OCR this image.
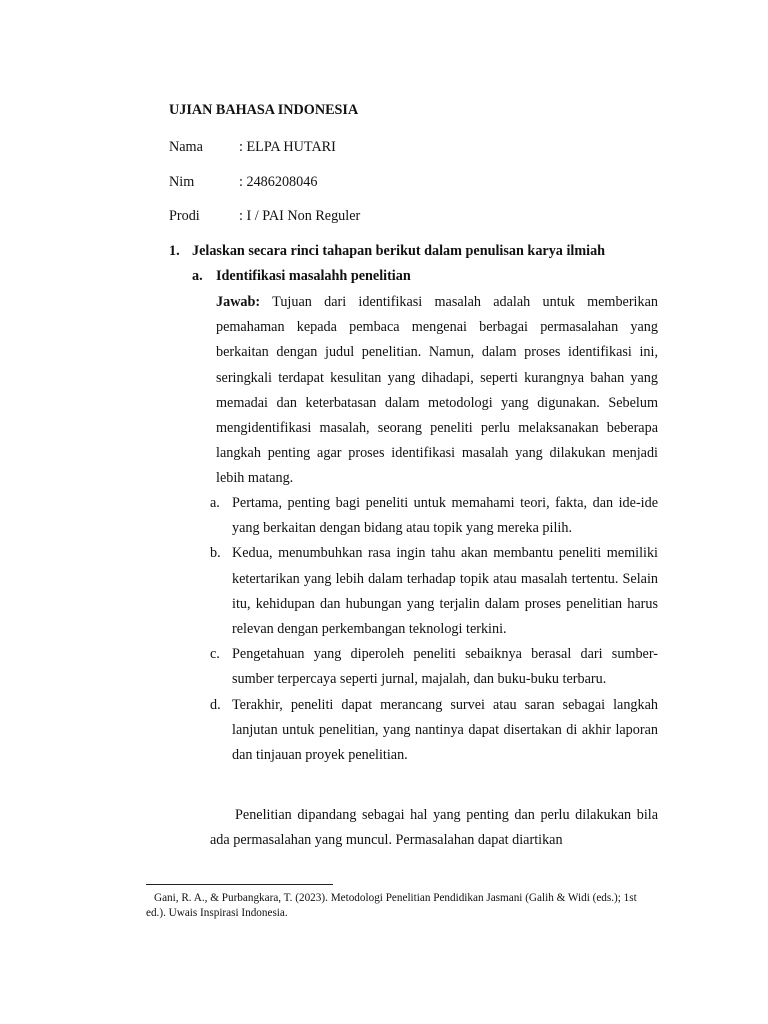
UJIAN BAHASA INDONESIA
Nama	: ELPA HUTARI
Nim	: 2486208046
Prodi	: I / PAI Non Reguler
1. Jelaskan secara rinci tahapan berikut dalam penulisan karya ilmiah
a. Identifikasi masalahh penelitian
Jawab: Tujuan dari identifikasi masalah adalah untuk memberikan pemahaman kepada pembaca mengenai berbagai permasalahan yang berkaitan dengan judul penelitian. Namun, dalam proses identifikasi ini, seringkali terdapat kesulitan yang dihadapi, seperti kurangnya bahan yang memadai dan keterbatasan dalam metodologi yang digunakan. Sebelum mengidentifikasi masalah, seorang peneliti perlu melaksanakan beberapa langkah penting agar proses identifikasi masalah yang dilakukan menjadi lebih matang.
a. Pertama, penting bagi peneliti untuk memahami teori, fakta, dan ide-ide yang berkaitan dengan bidang atau topik yang mereka pilih.
b. Kedua, menumbuhkan rasa ingin tahu akan membantu peneliti memiliki ketertarikan yang lebih dalam terhadap topik atau masalah tertentu. Selain itu, kehidupan dan hubungan yang terjalin dalam proses penelitian harus relevan dengan perkembangan teknologi terkini.
c. Pengetahuan yang diperoleh peneliti sebaiknya berasal dari sumber-sumber terpercaya seperti jurnal, majalah, dan buku-buku terbaru.
d. Terakhir, peneliti dapat merancang survei atau saran sebagai langkah lanjutan untuk penelitian, yang nantinya dapat disertakan di akhir laporan dan tinjauan proyek penelitian.
Penelitian dipandang sebagai hal yang penting dan perlu dilakukan bila ada permasalahan yang muncul. Permasalahan dapat diartikan
Gani, R. A., & Purbangkara, T. (2023). Metodologi Penelitian Pendidikan Jasmani (Galih & Widi (eds.); 1st ed.). Uwais Inspirasi Indonesia.
